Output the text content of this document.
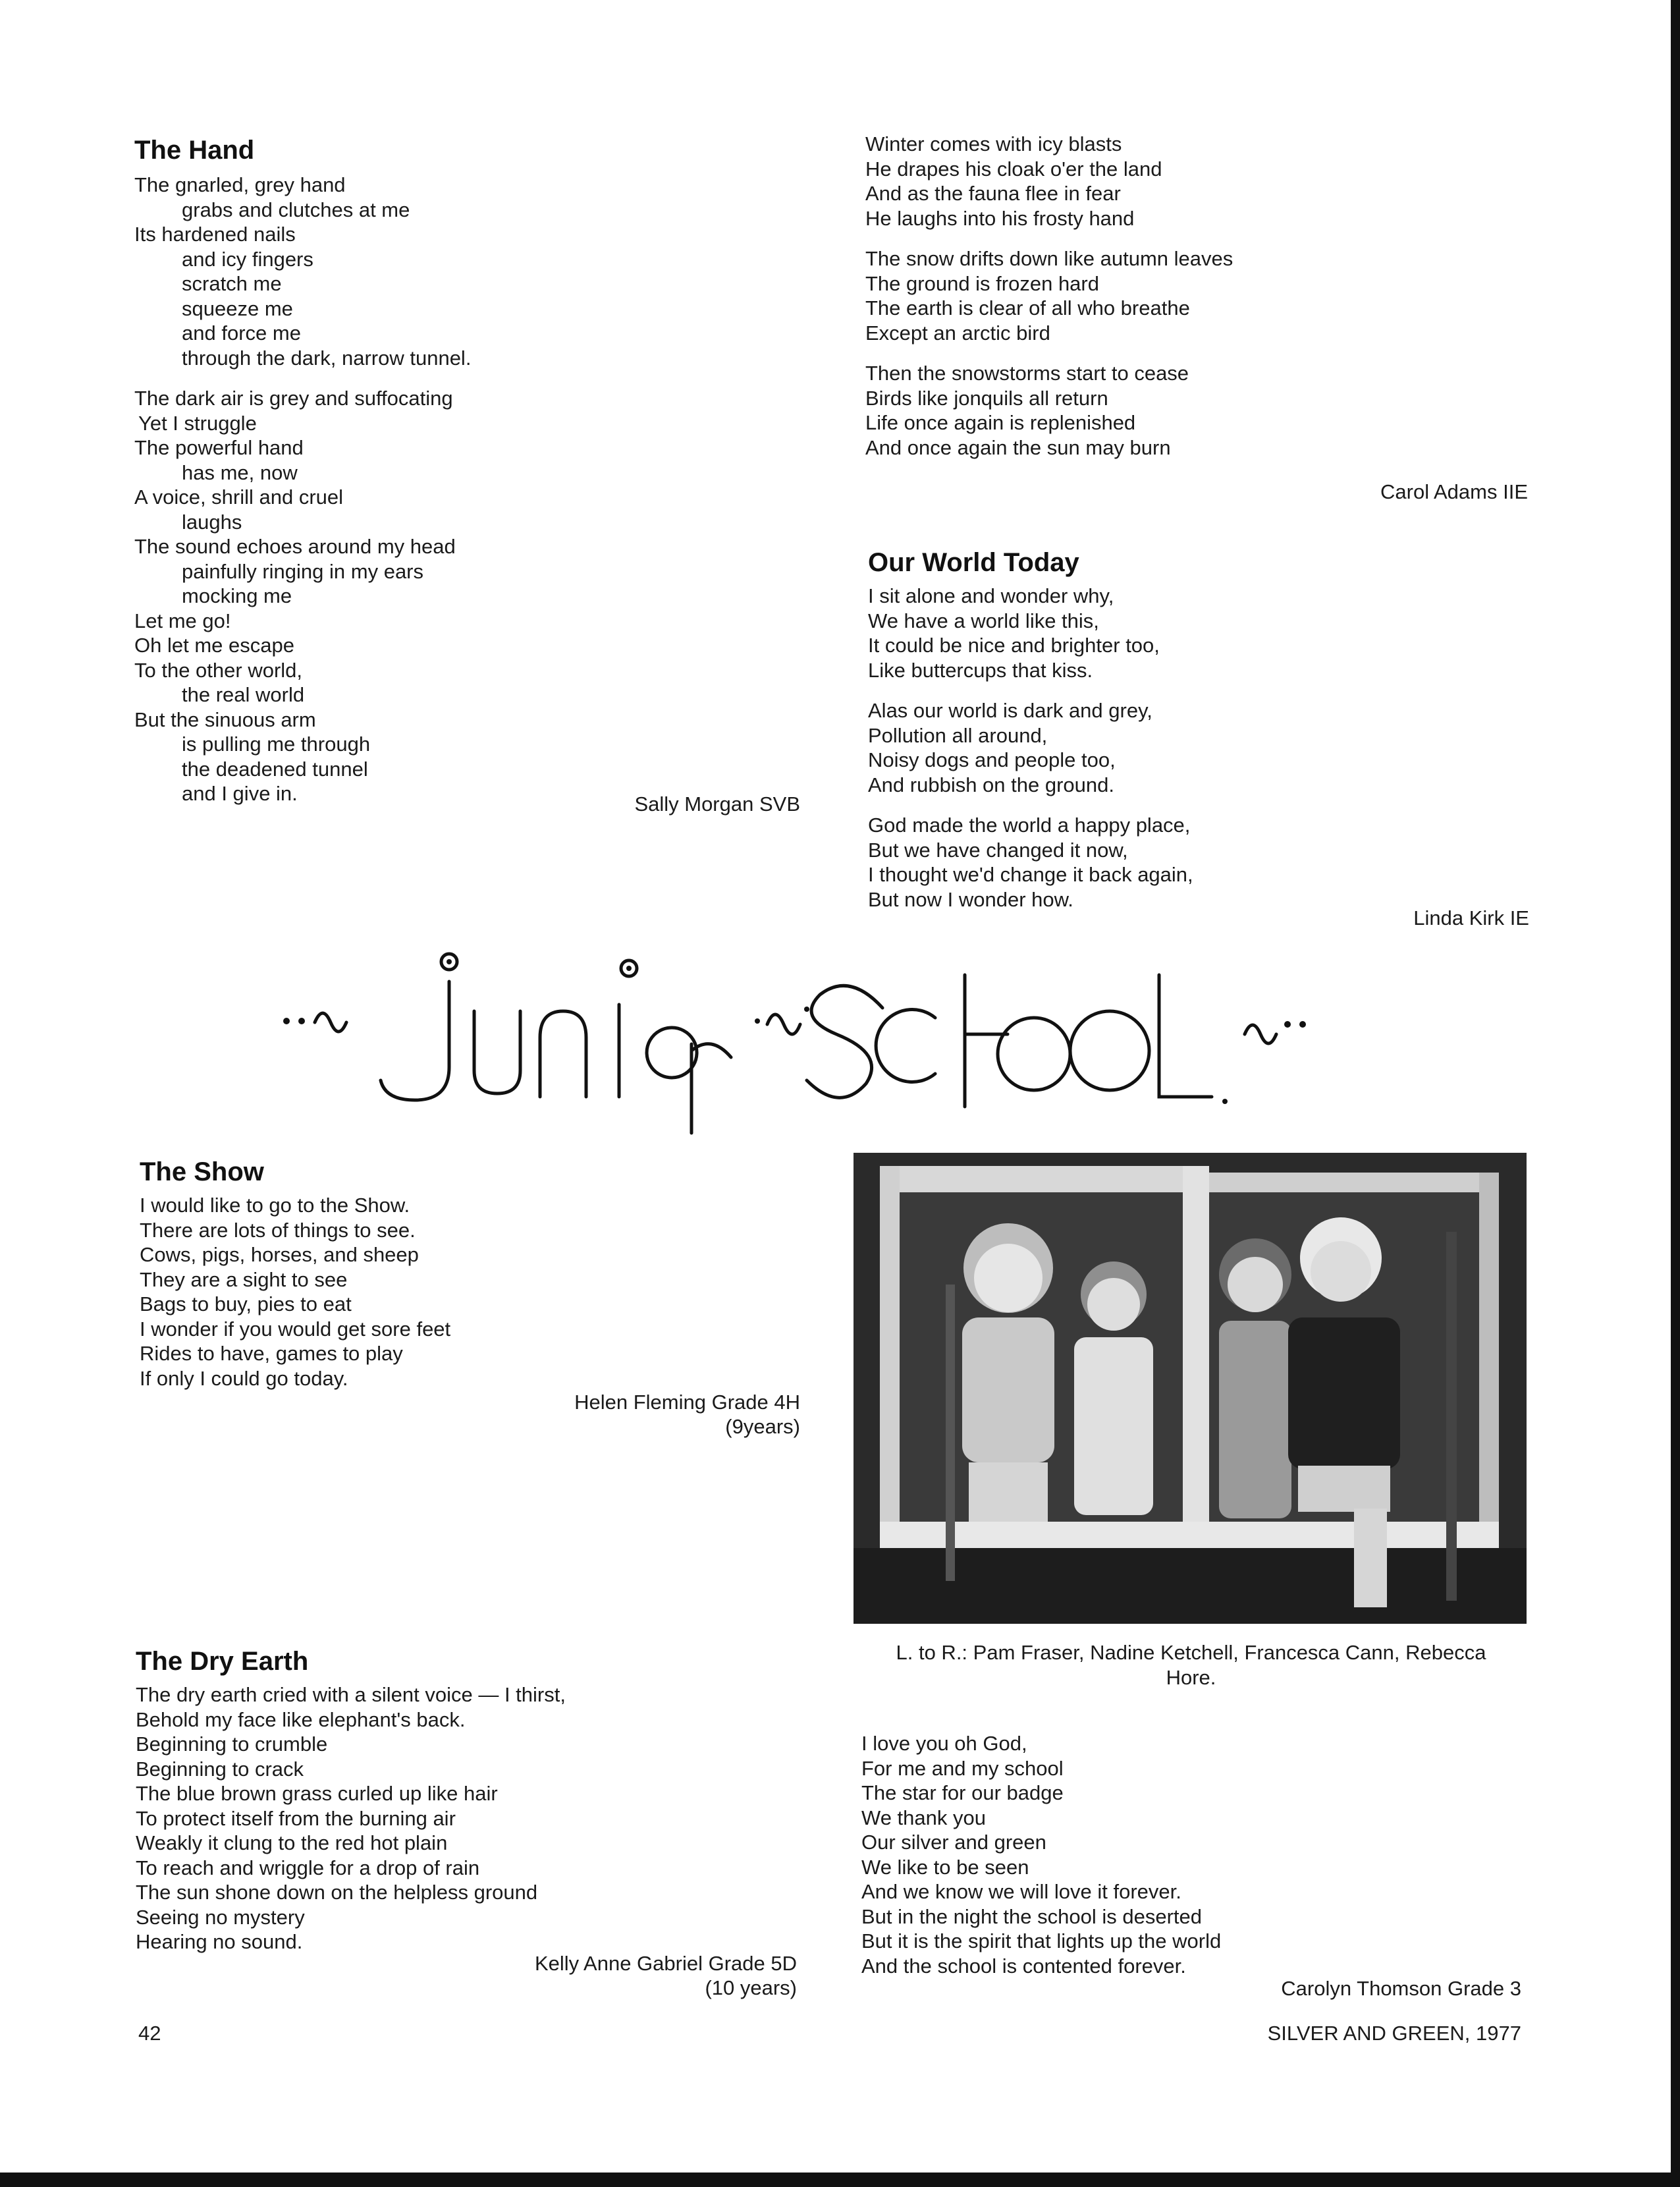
The Hand
The gnarled, grey hand
grabs and clutches at me
Its hardened nails
and icy fingers
scratch me
squeeze me
and force me
through the dark, narrow tunnel.
The dark air is grey and suffocating
Yet I struggle
The powerful hand
has me, now
A voice, shrill and cruel
laughs
The sound echoes around my head
painfully ringing in my ears
mocking me
Let me go!
Oh let me escape
To the other world,
the real world
But the sinuous arm
is pulling me through
the deadened tunnel
and I give in.	Sally Morgan SVB
Winter comes with icy blasts
He drapes his cloak o'er the land
And as the fauna flee in fear
He laughs into his frosty hand
The snow drifts down like autumn leaves
The ground is frozen hard
The earth is clear of all who breathe
Except an arctic bird
Then the snowstorms start to cease
Birds like jonquils all return
Life once again is replenished
And once again the sun may burn
Carol Adams IIE
Our World Today
I sit alone and wonder why,
We have a world like this,
It could be nice and brighter too,
Like buttercups that kiss.
Alas our world is dark and grey,
Pollution all around,
Noisy dogs and people too,
And rubbish on the ground.
God made the world a happy place,
But we have changed it now,
I thought we'd change it back again,
But now I wonder how.
Linda Kirk IE
The Show
I would like to go to the Show.
There are lots of things to see.
Cows, pigs, horses, and sheep
They are a sight to see
Bags to buy, pies to eat
I wonder if you would get sore feet
Rides to have, games to play
If only I could go today.
Helen Fleming Grade 4H
(9years)
L. to R.: Pam Fraser, Nadine Ketchell, Francesca Cann, Rebecca
Hore.
The Dry Earth
The dry earth cried with a silent voice — I thirst,
Behold my face like elephant's back.
Beginning to crumble
Beginning to crack
The blue brown grass curled up like hair
To protect itself from the burning air
Weakly it clung to the red hot plain
To reach and wriggle for a drop of rain
The sun shone down on the helpless ground
Seeing no mystery
Hearing no sound.
Kelly Anne Gabriel Grade 5D
(10 years)
I love you oh God,
For me and my school
The star for our badge
We thank you
Our silver and green
We like to be seen
And we know we will love it forever.
But in the night the school is deserted
But it is the spirit that lights up the world
And the school is contented forever.
Carolyn Thomson Grade 3
42	SILVER AND GREEN, 1977
